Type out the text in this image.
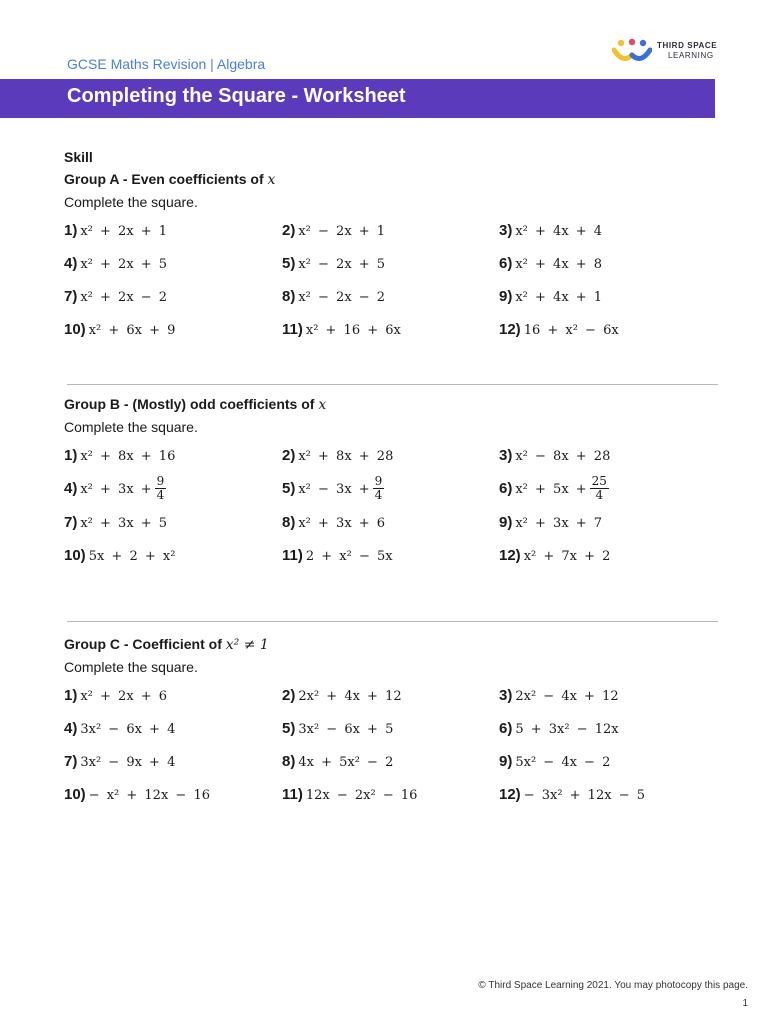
GCSE Maths Revision | Algebra
THIRD SPACE
LEARNING
Completing the Square - Worksheet
Skill
Group A - Even coefficients of x
Complete the square.
1) x² + 2x + 1	2) x² − 2x + 1	3) x² + 4x + 4
4) x² + 2x + 5	5) x² − 2x + 5	6) x² + 4x + 8
7) x² + 2x − 2	8) x² − 2x − 2	9) x² + 4x + 1
10) x² + 6x + 9	11) x² + 16 + 6x	12) 16 + x² − 6x
Group B - (Mostly) odd coefficients of x
Complete the square.
1) x² + 8x + 16	2) x² + 8x + 28	3) x² − 8x + 28
4) $x^2 + 3x + \frac{9}{4}$	5) $x^2 - 3x + \frac{9}{4}$	6) $x^2 + 5x + \frac{25}{4}$
7) x² + 3x + 5	8) x² + 3x + 6	9) x² + 3x + 7
10) 5x + 2 + x²	11) 2 + x² − 5x	12) x² + 7x + 2
Group C - Coefficient of x² ≠ 1
Complete the square.
1) x² + 2x + 6	2) 2x² + 4x + 12	3) 2x² − 4x + 12
4) 3x² − 6x + 4	5) 3x² − 6x + 5	6) 5 + 3x² − 12x
7) 3x² − 9x + 4	8) 4x + 5x² − 2	9) 5x² − 4x − 2
10) − x² + 12x − 16	11) 12x − 2x² − 16	12) − 3x² + 12x − 5
© Third Space Learning 2021. You may photocopy this page.
1
